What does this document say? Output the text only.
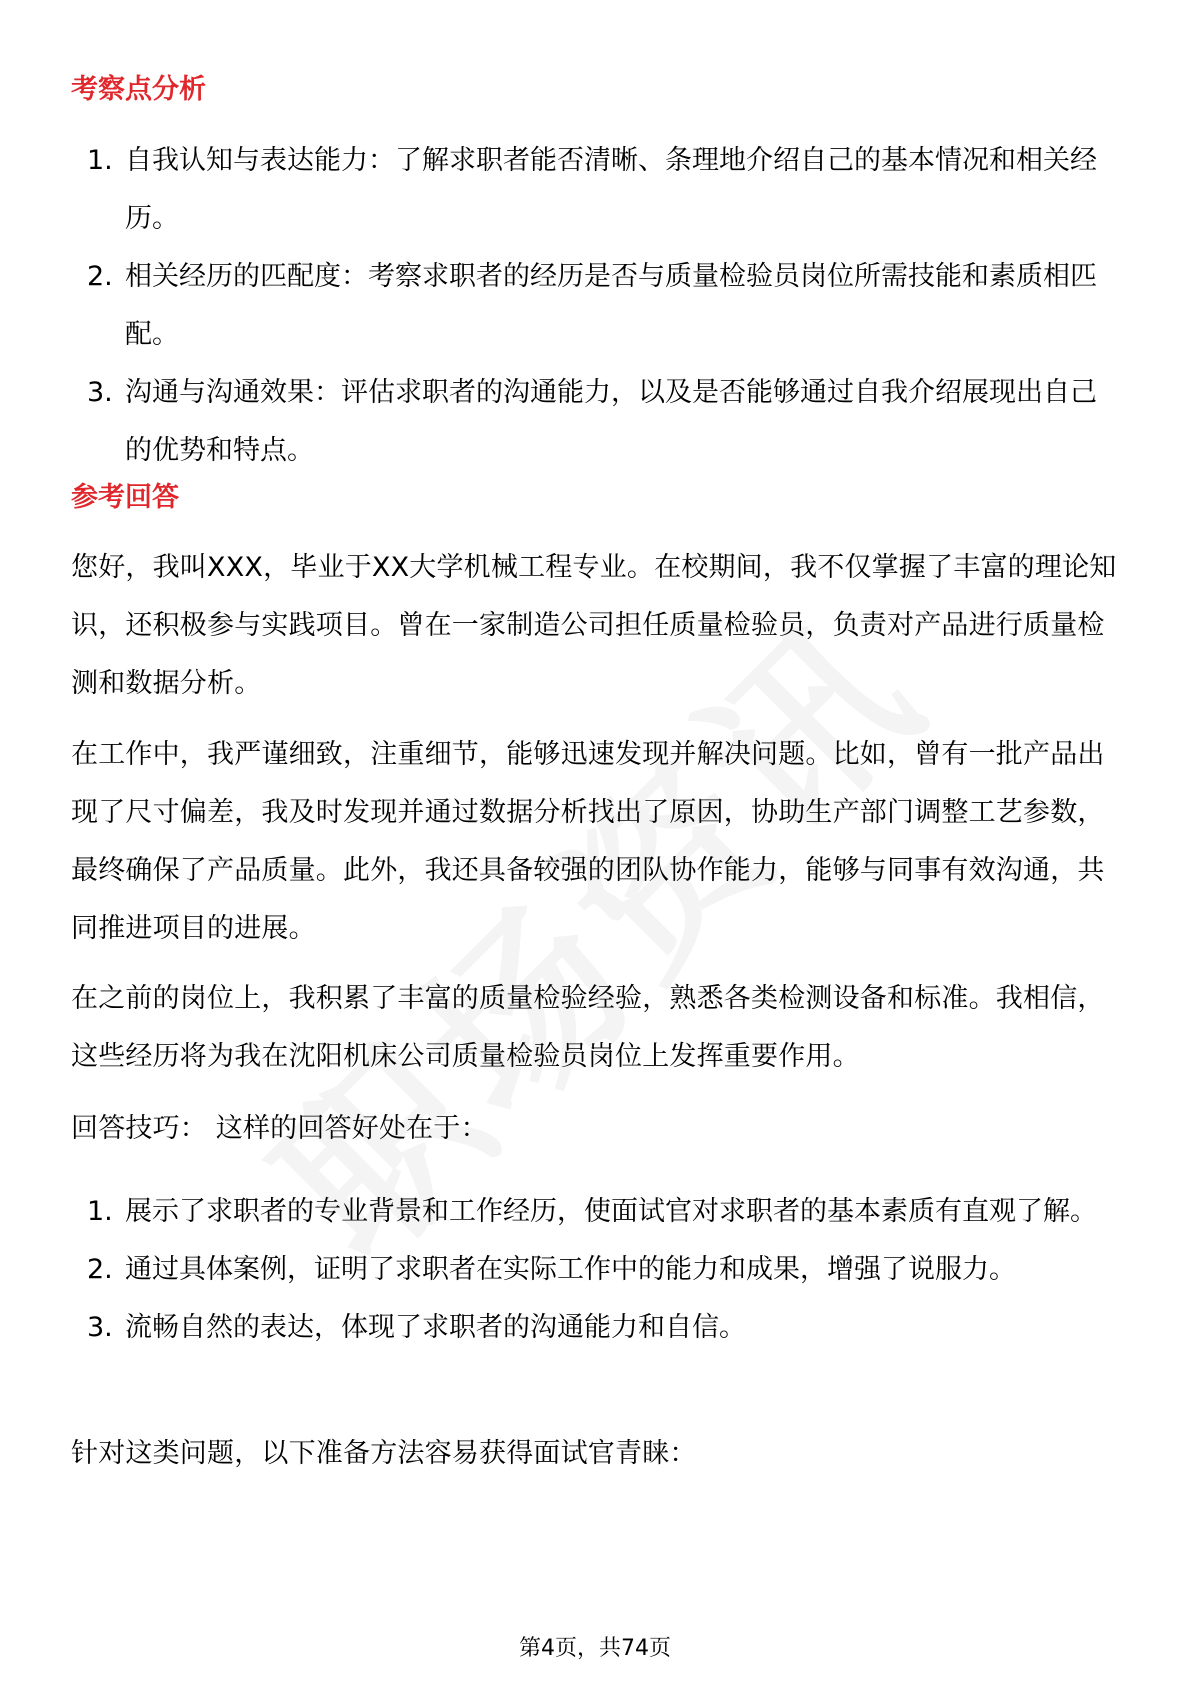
考察点分析
1. 自我认知与表达能力：了解求职者能否清晰、条理地介绍自己的基本情况和相关经历。
2. 相关经历的匹配度：考察求职者的经历是否与质量检验员岗位所需技能和素质相匹配。
3. 沟通与沟通效果：评估求职者的沟通能力，以及是否能够通过自我介绍展现出自己的优势和特点。
参考回答

您好，我叫XXX，毕业于XX大学机械工程专业。在校期间，我不仅掌握了丰富的理论知识，还积极参与实践项目。曾在一家制造公司担任质量检验员，负责对产品进行质量检测和数据分析。

在工作中，我严谨细致，注重细节，能够迅速发现并解决问题。比如，曾有一批产品出现了尺寸偏差，我及时发现并通过数据分析找出了原因，协助生产部门调整工艺参数，最终确保了产品质量。此外，我还具备较强的团队协作能力，能够与同事有效沟通，共同推进项目的进展。

在之前的岗位上，我积累了丰富的质量检验经验，熟悉各类检测设备和标准。我相信，这些经历将为我在沈阳机床公司质量检验员岗位上发挥重要作用。

回答技巧： 这样的回答好处在于：

1. 展示了求职者的专业背景和工作经历，使面试官对求职者的基本素质有直观了解。
2. 通过具体案例，证明了求职者在实际工作中的能力和成果，增强了说服力。
3. 流畅自然的表达，体现了求职者的沟通能力和自信。

针对这类问题，以下准备方法容易获得面试官青睐：

第4页，共74页
